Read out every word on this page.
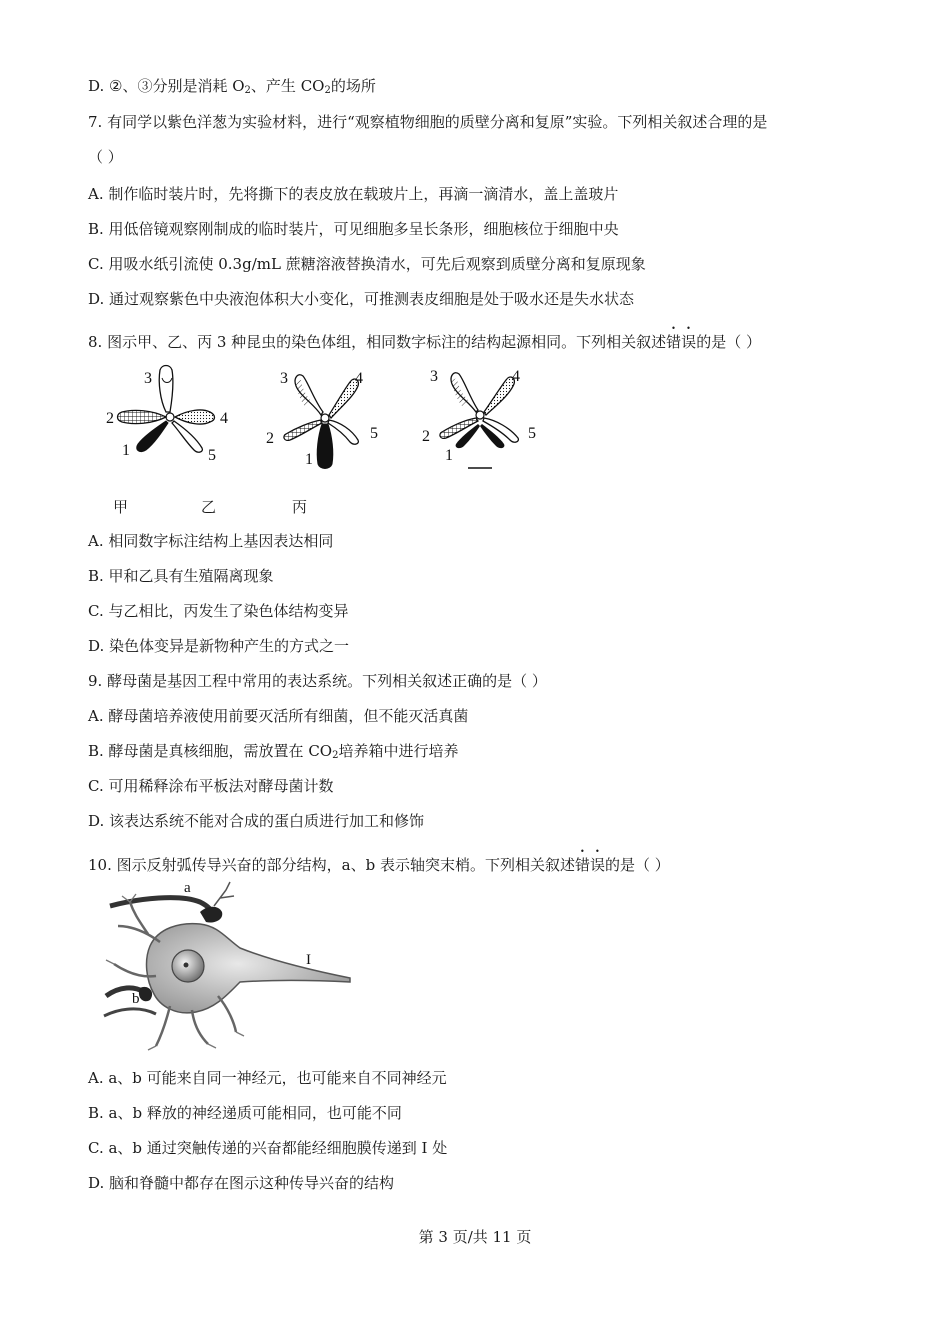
D. ②、③分别是消耗 $O_2$、产生 $CO_2$的场所
7. 有同学以紫色洋葱为实验材料，进行“观察植物细胞的质壁分离和复原”实验。下列相关叙述合理的是
（ ）
A. 制作临时装片时，先将撕下的表皮放在载玻片上，再滴一滴清水，盖上盖玻片
B. 用低倍镜观察刚制成的临时装片，可见细胞多呈长条形，细胞核位于细胞中央
C. 用吸水纸引流使 0.3g/mL 蔗糖溶液替换清水，可先后观察到质壁分离和复原现象
D. 通过观察紫色中央液泡体积大小变化，可推测表皮细胞是处于吸水还是失水状态
8. 图示甲、乙、丙 3 种昆虫的染色体组，相同数字标注的结构起源相同。下列相关叙述错误的是（ ）
3
2	4
1	5
3	4
2	5
1
3	4
2	5
1
甲	乙	丙
A. 相同数字标注结构上基因表达相同
B. 甲和乙具有生殖隔离现象
C. 与乙相比，丙发生了染色体结构变异
D. 染色体变异是新物种产生的方式之一
9. 酵母菌是基因工程中常用的表达系统。下列相关叙述正确的是（ ）
A. 酵母菌培养液使用前要灭活所有细菌，但不能灭活真菌
B. 酵母菌是真核细胞，需放置在 $CO_2$培养箱中进行培养
C. 可用稀释涂布平板法对酵母菌计数
D. 该表达系统不能对合成的蛋白质进行加工和修饰
10. 图示反射弧传导兴奋的部分结构，a、b 表示轴突末梢。下列相关叙述错误的是（ ）
a
b
I
A. a、b 可能来自同一神经元，也可能来自不同神经元
B. a、b 释放的神经递质可能相同，也可能不同
C. a、b 通过突触传递的兴奋都能经细胞膜传递到 Ⅰ 处
D. 脑和脊髓中都存在图示这种传导兴奋的结构
第 3 页/共 11 页
